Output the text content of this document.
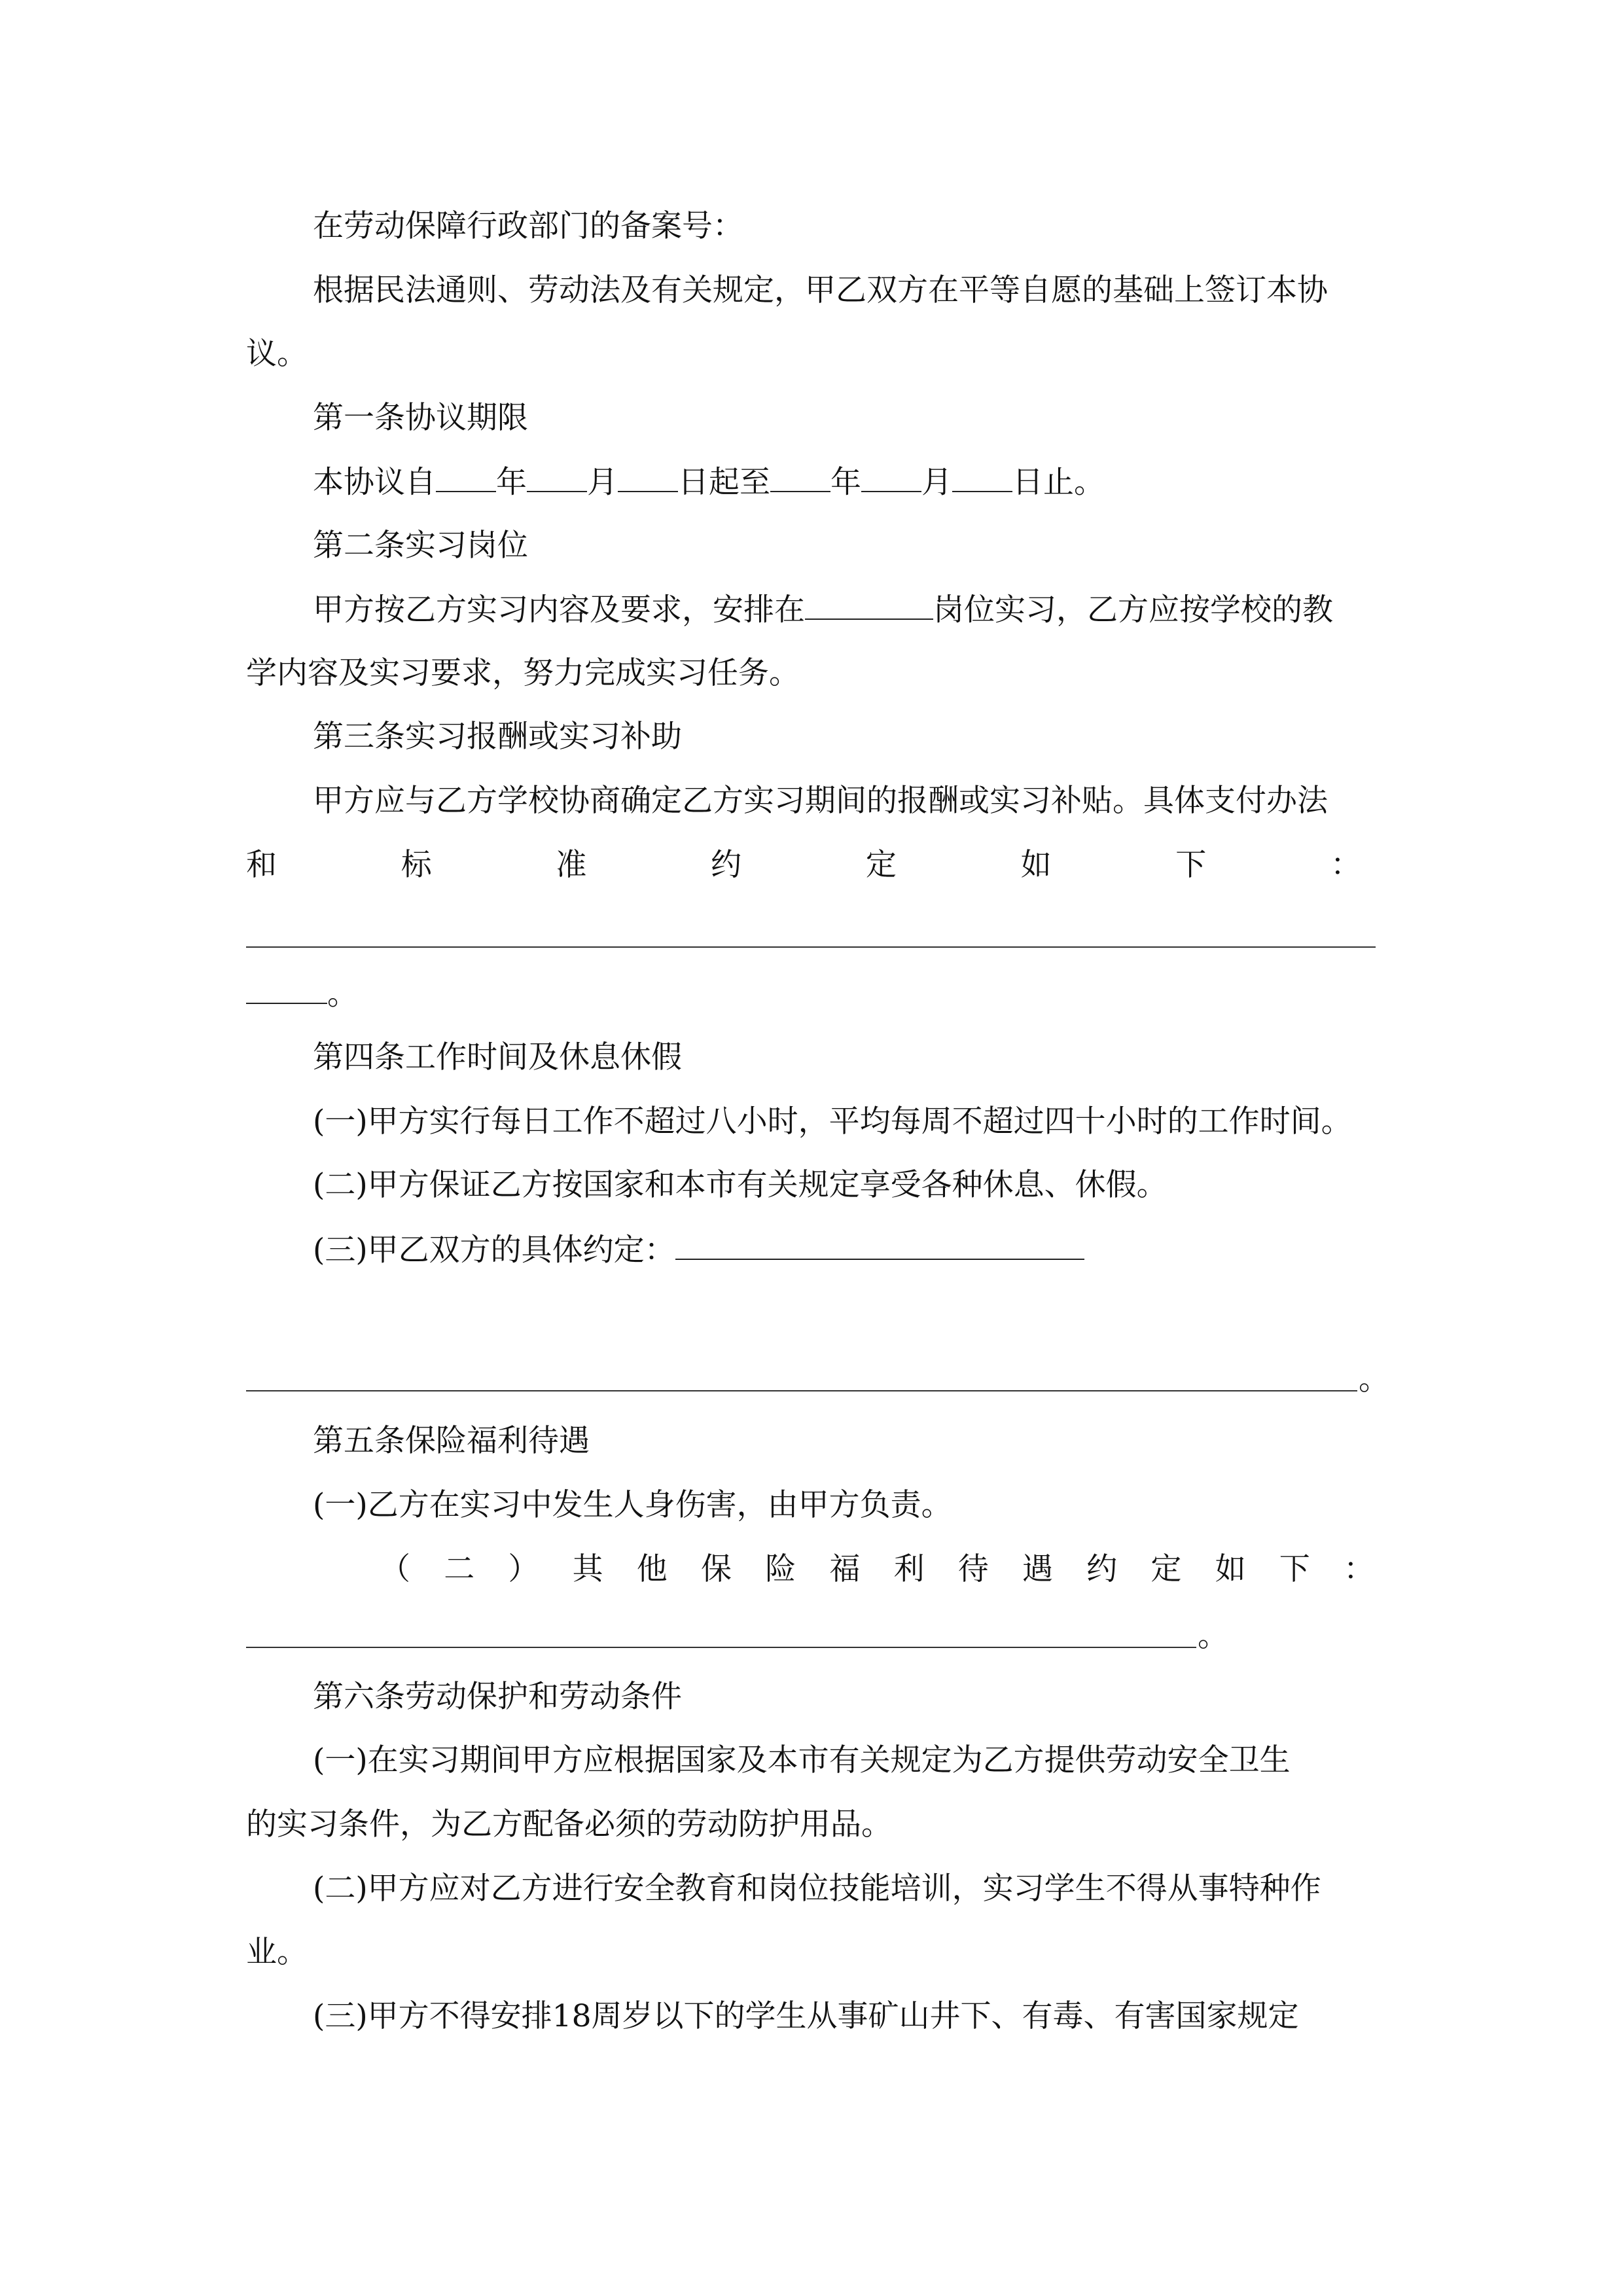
在劳动保障行政部门的备案号：
根据民法通则、劳动法及有关规定，甲乙双方在平等自愿的基础上签订本协
议。
第一条协议期限
本协议自 年 月 日起至 年 月 日止。
第二条实习岗位
甲方按乙方实习内容及要求，安排在	岗位实习，乙方应按学校的教
学内容及实习要求，努力完成实习任务。
第三条实习报酬或实习补助
甲方应与乙方学校协商确定乙方实习期间的报酬或实习补贴。具体支付办法
和标准约定如下：
。
第四条工作时间及休息休假
(一)甲方实行每日工作不超过八小时，平均每周不超过四十小时的工作时间。
(二)甲方保证乙方按国家和本市有关规定享受各种休息、休假。
(三)甲乙双方的具体约定：
。
第五条保险福利待遇
(一)乙方在实习中发生人身伤害，由甲方负责。
（二）其他保险福利待遇约定如下：
。
第六条劳动保护和劳动条件
(一)在实习期间甲方应根据国家及本市有关规定为乙方提供劳动安全卫生
的实习条件，为乙方配备必须的劳动防护用品。
(二)甲方应对乙方进行安全教育和岗位技能培训，实习学生不得从事特种作
业。
(三)甲方不得安排18周岁以下的学生从事矿山井下、有毒、有害国家规定
